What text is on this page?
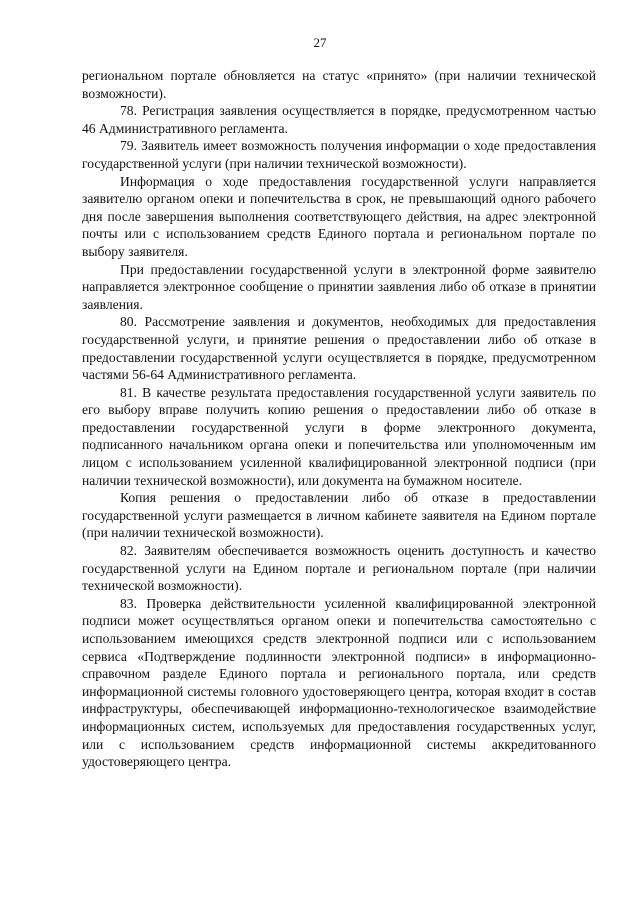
27

региональном портале обновляется на статус «принято» (при наличии технической возможности).

78. Регистрация заявления осуществляется в порядке, предусмотренном частью 46 Административного регламента.

79. Заявитель имеет возможность получения информации о ходе предоставления государственной услуги (при наличии технической возможности).

Информация о ходе предоставления государственной услуги направляется заявителю органом опеки и попечительства в срок, не превышающий одного рабочего дня после завершения выполнения соответствующего действия, на адрес электронной почты или с использованием средств Единого портала и региональном портале по выбору заявителя.

При предоставлении государственной услуги в электронной форме заявителю направляется электронное сообщение о принятии заявления либо об отказе в принятии заявления.

80. Рассмотрение заявления и документов, необходимых для предоставления государственной услуги, и принятие решения о предоставлении либо об отказе в предоставлении государственной услуги осуществляется в порядке, предусмотренном частями 56-64 Административного регламента.

81. В качестве результата предоставления государственной услуги заявитель по его выбору вправе получить копию решения о предоставлении либо об отказе в предоставлении государственной услуги в форме электронного документа, подписанного начальником органа опеки и попечительства или уполномоченным им лицом с использованием усиленной квалифицированной электронной подписи (при наличии технической возможности), или документа на бумажном носителе.

Копия решения о предоставлении либо об отказе в предоставлении государственной услуги размещается в личном кабинете заявителя на Едином портале (при наличии технической возможности).

82. Заявителям обеспечивается возможность оценить доступность и качество государственной услуги на Едином портале и региональном портале (при наличии технической возможности).

83. Проверка действительности усиленной квалифицированной электронной подписи может осуществляться органом опеки и попечительства самостоятельно с использованием имеющихся средств электронной подписи или с использованием сервиса «Подтверждение подлинности электронной подписи» в информационно-справочном разделе Единого портала и регионального портала, или средств информационной системы головного удостоверяющего центра, которая входит в состав инфраструктуры, обеспечивающей информационно-технологическое взаимодействие информационных систем, используемых для предоставления государственных услуг, или с использованием средств информационной системы аккредитованного удостоверяющего центра.
